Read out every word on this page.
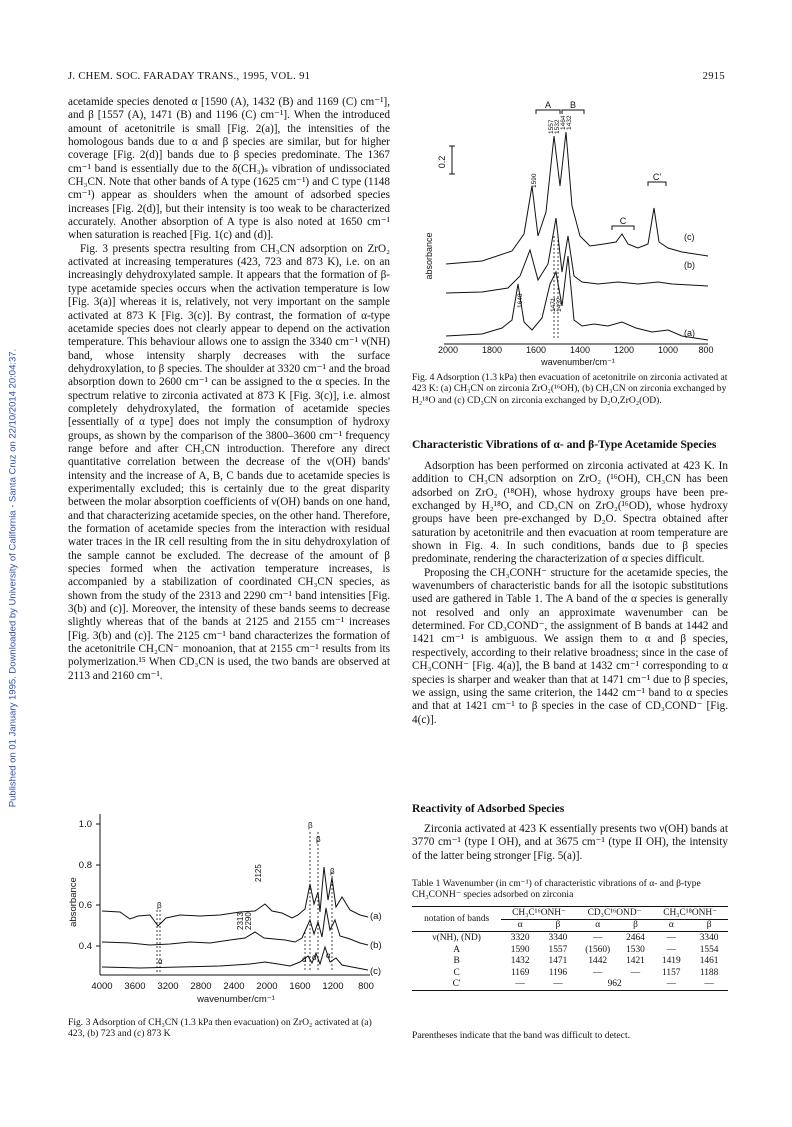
Published on 01 January 1995. Downloaded by University of California - Santa Cruz on 22/10/2014 20:04:37.
J. CHEM. SOC. FARADAY TRANS., 1995, VOL. 91	2915

acetamide species denoted α [1590 (A), 1432 (B) and 1169 (C) cm⁻¹], and β [1557 (A), 1471 (B) and 1196 (C) cm⁻¹]. When the introduced amount of acetonitrile is small [Fig. 2(a)], the intensities of the homologous bands due to α and β species are similar, but for higher coverage [Fig. 2(d)] bands due to β species predominate. The 1367 cm⁻¹ band is essentially due to the δ(CH₃)ₛ vibration of undissociated CH₃CN. Note that other bands of A type (1625 cm⁻¹) and C type (1148 cm⁻¹) appear as shoulders when the amount of adsorbed species increases [Fig. 2(d)], but their intensity is too weak to be characterized accurately. Another absorption of A type is also noted at 1650 cm⁻¹ when saturation is reached [Fig. 1(c) and (d)].

Fig. 3 presents spectra resulting from CH₃CN adsorption on ZrO₂ activated at increasing temperatures (423, 723 and 873 K), i.e. on an increasingly dehydroxylated sample. It appears that the formation of β-type acetamide species occurs when the activation temperature is low [Fig. 3(a)] whereas it is, relatively, not very important on the sample activated at 873 K [Fig. 3(c)]. By contrast, the formation of α-type acetamide species does not clearly appear to depend on the activation temperature. This behaviour allows one to assign the 3340 cm⁻¹ ν(NH) band, whose intensity sharply decreases with the surface dehydroxylation, to β species. The shoulder at 3320 cm⁻¹ and the broad absorption down to 2600 cm⁻¹ can be assigned to the α species. In the spectrum relative to zirconia activated at 873 K [Fig. 3(c)], i.e. almost completely dehydroxylated, the formation of acetamide species [essentially of α type] does not imply the consumption of hydroxy groups, as shown by the comparison of the 3800–3600 cm⁻¹ frequency range before and after CH₃CN introduction. Therefore any direct quantitative correlation between the decrease of the ν(OH) bands' intensity and the increase of A, B, C bands due to acetamide species is experimentally excluded; this is certainly due to the great disparity between the molar absorption coefficients of ν(OH) bands on one hand, and that characterizing acetamide species, on the other hand. Therefore, the formation of acetamide species from the interaction with residual water traces in the IR cell resulting from the in situ dehydroxylation of the sample cannot be excluded. The decrease of the amount of β species formed when the activation temperature increases, is accompanied by a stabilization of coordinated CH₃CN species, as shown from the study of the 2313 and 2290 cm⁻¹ band intensities [Fig. 3(b) and (c)]. Moreover, the intensity of these bands seems to decrease slightly whereas that of the bands at 2125 and 2155 cm⁻¹ increases [Fig. 3(b) and (c)]. The 2125 cm⁻¹ band characterizes the formation of the acetonitrile CH₂CN⁻ monoanion, that at 2155 cm⁻¹ results from its polymerization.¹⁵ When CD₃CN is used, the two bands are observed at 2113 and 2160 cm⁻¹.

1.0
0.8
0.6
0.4
absorbance
4000 3600 3200 2800 2400 2000 1600 1200 800
wavenumber/cm⁻¹
(a)
(b)
(c)
2125
2290
2313
β
β
β
β
α	α α α
Fig. 3 Adsorption of CH₃CN (1.3 kPa then evacuation) on ZrO₂ activated at (a) 423, (b) 723 and (c) 873 K
absorbance
0.2
2000	1800	1600	1400	1200	1000 800
wavenumber/cm⁻¹
(c)
(b)
(a)
A B
C
C'
1590
1557 1532 1464 1432
1648	1471 1432
Fig. 4 Adsorption (1.3 kPa) then evacuation of acetonitrile on zirconia activated at 423 K: (a) CH₃CN on zirconia ZrO₂(¹⁶OH), (b) CH₃CN on zirconia exchanged by H₂¹⁸O and (c) CD₃CN on zirconia exchanged by D₂O,ZrO₂(OD).
Characteristic Vibrations of α- and β-Type Acetamide Species

Adsorption has been performed on zirconia activated at 423 K. In addition to CH₃CN adsorption on ZrO₂ (¹⁶OH), CH₃CN has been adsorbed on ZrO₂ (¹⁸OH), whose hydroxy groups have been pre-exchanged by H₂¹⁸O, and CD₃CN on ZrO₂(¹⁶OD), whose hydroxy groups have been pre-exchanged by D₂O. Spectra obtained after saturation by acetonitrile and then evacuation at room temperature are shown in Fig. 4. In such conditions, bands due to β species predominate, rendering the characterization of α species difficult.

Proposing the CH₃CONH⁻ structure for the acetamide species, the wavenumbers of characteristic bands for all the isotopic substitutions used are gathered in Table 1. The A band of the α species is generally not resolved and only an approximate wavenumber can be determined. For CD₃COND⁻, the assignment of B bands at 1442 and 1421 cm⁻¹ is ambiguous. We assign them to α and β species, respectively, according to their relative broadness; since in the case of CH₃CONH⁻ [Fig. 4(a)], the B band at 1432 cm⁻¹ corresponding to α species is sharper and weaker than that at 1471 cm⁻¹ due to β species, we assign, using the same criterion, the 1442 cm⁻¹ band to α species and that at 1421 cm⁻¹ to β species in the case of CD₃COND⁻ [Fig. 4(c)].

Reactivity of Adsorbed Species

Zirconia activated at 423 K essentially presents two ν(OH) bands at 3770 cm⁻¹ (type I OH), and at 3675 cm⁻¹ (type II OH), the intensity of the latter being stronger [Fig. 5(a)].

Table 1 Wavenumber (in cm⁻¹) of characteristic vibrations of α- and β-type CH₃CONH⁻ species adsorbed on zirconia
notation of bands	CH₃C¹⁶ONH⁻		CD₃C¹⁶OND⁻		CH₃C¹⁸ONH⁻	
	α	β	α	β	α	β
ν(NH), (ND)	3320	3340	—	2464	—	3340
A	1590	1557	(1560)	1530	—	1554
B	1432	1471	1442	1421	1419	1461
C	1169	1196	—	—	1157	1188
C'	—	—	962		—	—
Parentheses indicate that the band was difficult to detect.
